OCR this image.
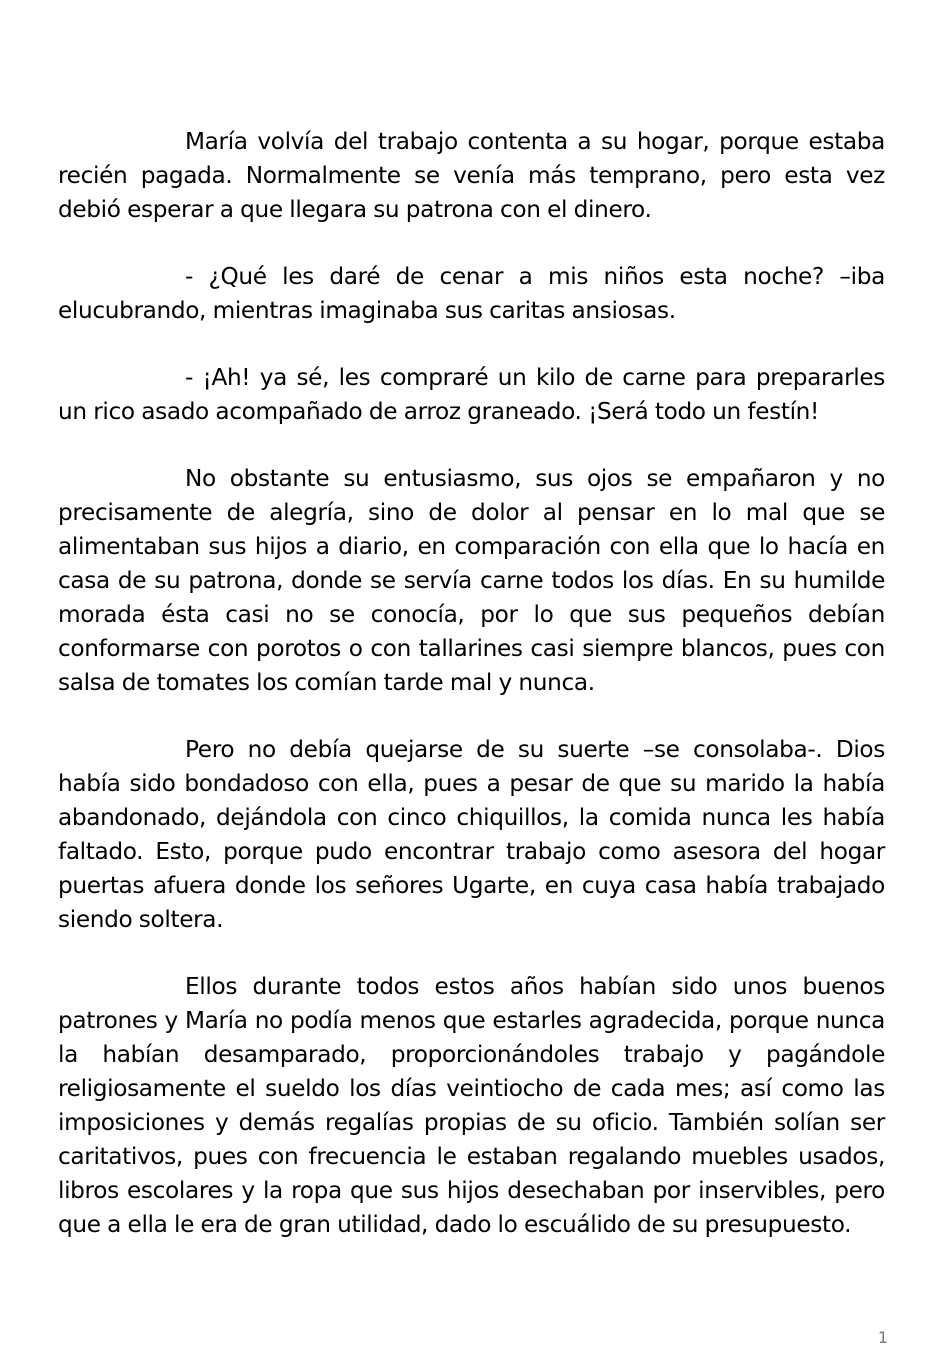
María volvía del trabajo contenta a su hogar, porque estaba recién pagada. Normalmente se venía más temprano, pero esta vez debió esperar a que llegara su patrona con el dinero.

- ¿Qué les daré de cenar a mis niños esta noche? –iba elucubrando, mientras imaginaba sus caritas ansiosas.

- ¡Ah! ya sé, les compraré un kilo de carne para prepararles un rico asado acompañado de arroz graneado. ¡Será todo un festín!

No obstante su entusiasmo, sus ojos se empañaron y no precisamente de alegría, sino de dolor al pensar en lo mal que se alimentaban sus hijos a diario, en comparación con ella que lo hacía en casa de su patrona, donde se servía carne todos los días. En su humilde morada ésta casi no se conocía, por lo que sus pequeños debían conformarse con porotos o con tallarines casi siempre blancos, pues con salsa de tomates los comían tarde mal y nunca.

Pero no debía quejarse de su suerte –se consolaba-. Dios había sido bondadoso con ella, pues a pesar de que su marido la había abandonado, dejándola con cinco chiquillos, la comida nunca les había faltado. Esto, porque pudo encontrar trabajo como asesora del hogar puertas afuera donde los señores Ugarte, en cuya casa había trabajado siendo soltera.

Ellos durante todos estos años habían sido unos buenos patrones y María no podía menos que estarles agradecida, porque nunca la habían desamparado, proporcionándoles trabajo y pagándole religiosamente el sueldo los días veintiocho de cada mes; así como las imposiciones y demás regalías propias de su oficio. También solían ser caritativos, pues con frecuencia le estaban regalando muebles usados, libros escolares y la ropa que sus hijos desechaban por inservibles, pero que a ella le era de gran utilidad, dado lo escuálido de su presupuesto.

1
